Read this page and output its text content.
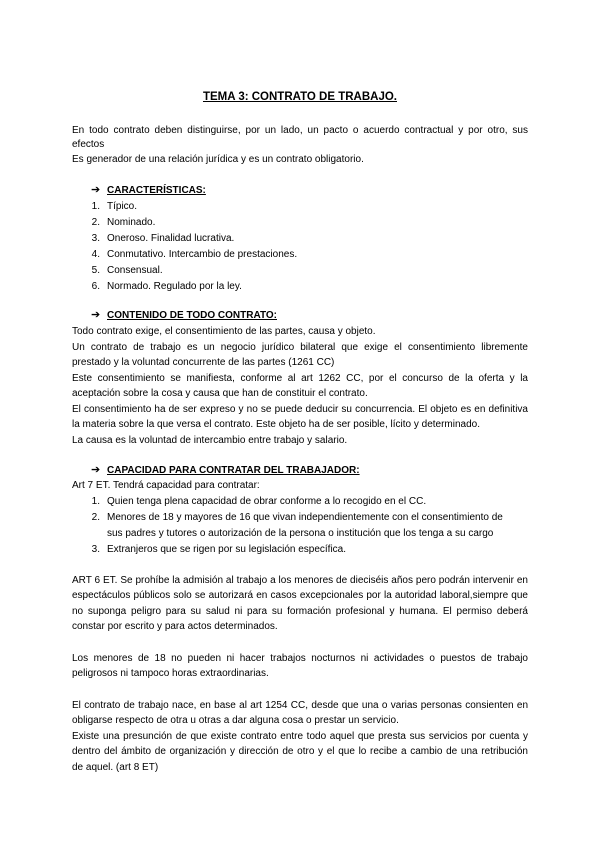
TEMA 3: CONTRATO DE TRABAJO.
En todo contrato deben distinguirse, por un lado, un pacto o acuerdo contractual y por otro, sus
efectos
Es generador de una relación jurídica y es un contrato obligatorio.
➔ CARACTERÍSTICAS:
1. Típico.
2. Nominado.
3. Oneroso. Finalidad lucrativa.
4. Conmutativo. Intercambio de prestaciones.
5. Consensual.
6. Normado. Regulado por la ley.
➔ CONTENIDO DE TODO CONTRATO:
Todo contrato exige, el consentimiento de las partes, causa y objeto.
Un contrato de trabajo es un negocio jurídico bilateral que exige el consentimiento libremente
prestado y la voluntad concurrente de las partes (1261 CC)
Este consentimiento se manifiesta, conforme al art 1262 CC, por el concurso de la oferta y la
aceptación sobre la cosa y causa que han de constituir el contrato.
El consentimiento ha de ser expreso y no se puede deducir su concurrencia. El objeto es en definitiva
la materia sobre la que versa el contrato. Este objeto ha de ser posible, lícito y determinado.
La causa es la voluntad de intercambio entre trabajo y salario.
➔ CAPACIDAD PARA CONTRATAR DEL TRABAJADOR:
Art 7 ET. Tendrá capacidad para contratar:
1. Quien tenga plena capacidad de obrar conforme a lo recogido en el CC.
2. Menores de 18 y mayores de 16 que vivan independientemente con el consentimiento de
sus padres y tutores o autorización de la persona o institución que los tenga a su cargo
3. Extranjeros que se rigen por su legislación específica.
ART 6 ET. Se prohíbe la admisión al trabajo a los menores de dieciséis años pero podrán intervenir en
espectáculos públicos solo se autorizará en casos excepcionales por la autoridad laboral,siempre que
no suponga peligro para su salud ni para su formación profesional y humana. El permiso deberá
constar por escrito y para actos determinados.
Los menores de 18 no pueden ni hacer trabajos nocturnos ni actividades o puestos de trabajo
peligrosos ni tampoco horas extraordinarias.
El contrato de trabajo nace, en base al art 1254 CC, desde que una o varias personas consienten en
obligarse respecto de otra u otras a dar alguna cosa o prestar un servicio.
Existe una presunción de que existe contrato entre todo aquel que presta sus servicios por cuenta y
dentro del ámbito de organización y dirección de otro y el que lo recibe a cambio de una retribución
de aquel. (art 8 ET)
